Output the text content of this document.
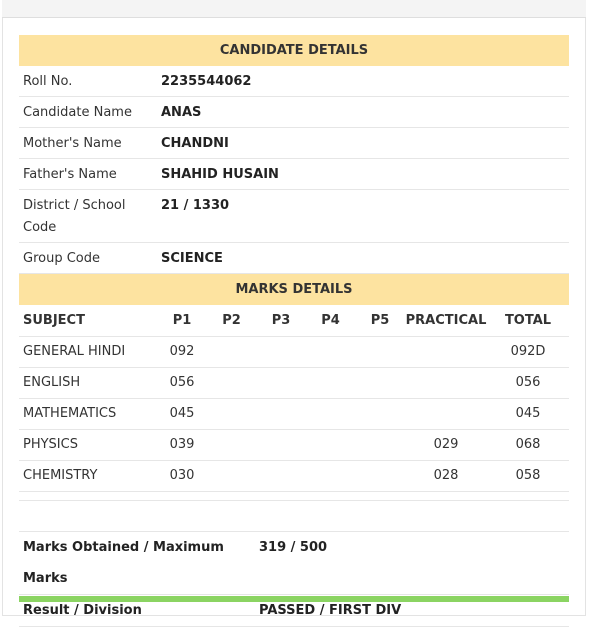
CANDIDATE DETAILS
Roll No.	2235544062
Candidate Name	ANAS
Mother's Name	CHANDNI
Father's Name	SHAHID HUSAIN
District / School Code	21 / 1330
Group Code	SCIENCE
MARKS DETAILS
SUBJECT	P1	P2	P3	P4	P5	PRACTICAL	TOTAL
GENERAL HINDI	092						092D
ENGLISH	056						056
MATHEMATICS	045						045
PHYSICS	039					029	068
CHEMISTRY	030					028	058

Marks Obtained / Maximum Marks	319 / 500
Result / Division	PASSED / FIRST DIV
